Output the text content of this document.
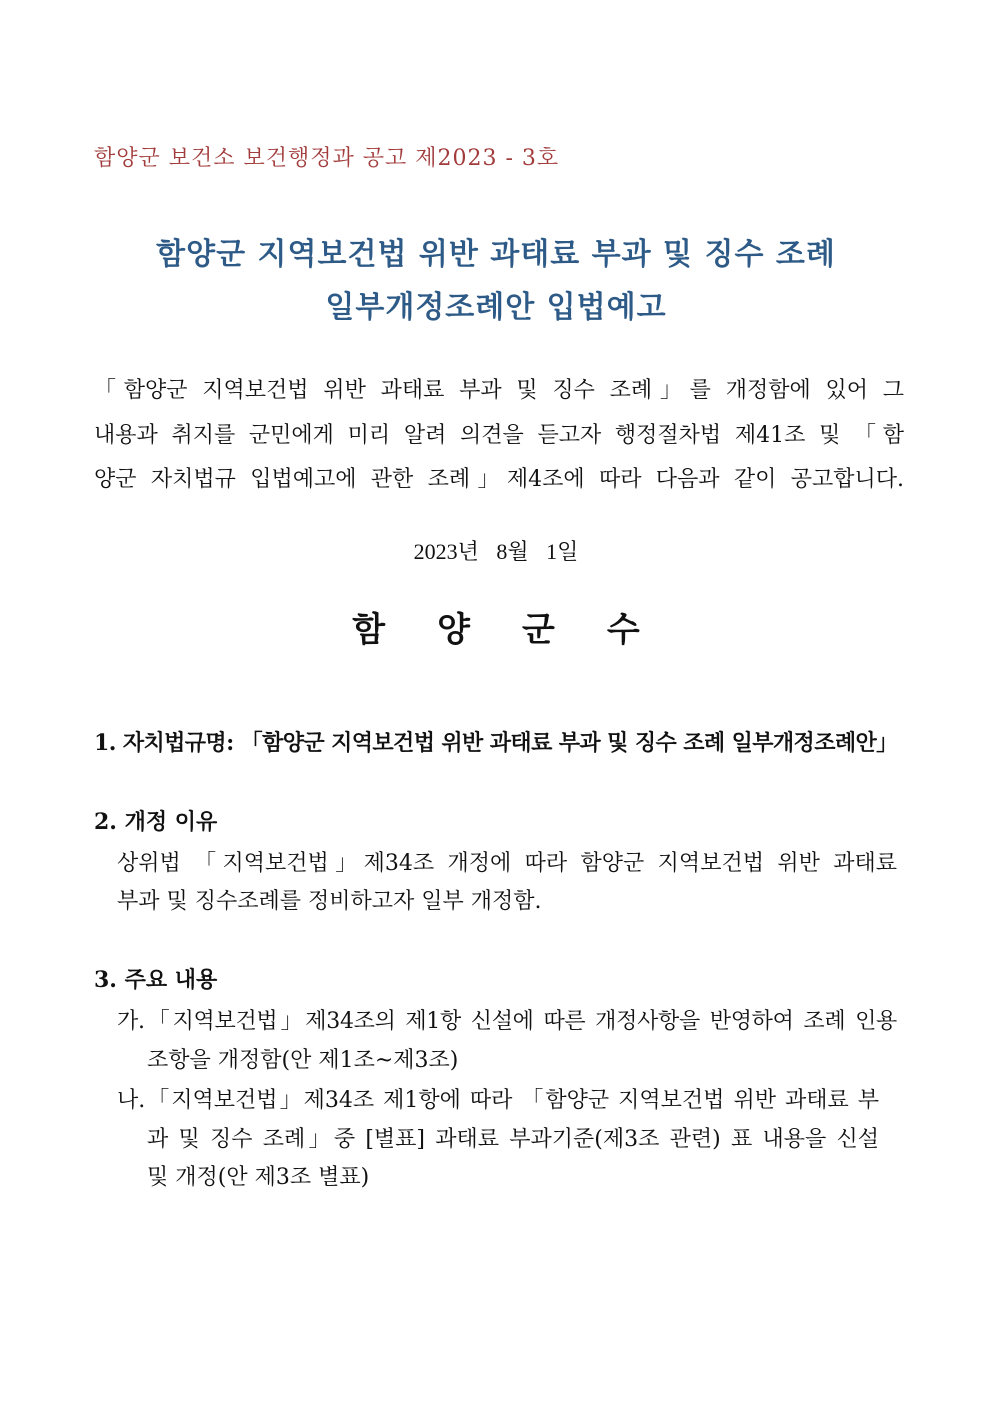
함양군 보건소 보건행정과 공고 제2023 - 3호
함양군 지역보건법 위반 과태료 부과 및 징수 조례
일부개정조례안 입법예고
「함양군 지역보건법 위반 과태료 부과 및 징수 조례」를 개정함에 있어 그
내용과 취지를 군민에게 미리 알려 의견을 듣고자 행정절차법 제41조 및 「함
양군 자치법규 입법예고에 관한 조례」제4조에 따라 다음과 같이 공고합니다.
2023년 8월 1일
함양군수
1. 자치법규명: 「함양군 지역보건법 위반 과태료 부과 및 징수 조례 일부개정조례안」
2. 개정 이유
상위법 「지역보건법」제34조 개정에 따라 함양군 지역보건법 위반 과태료
부과 및 징수조례를 정비하고자 일부 개정함.
3. 주요 내용
가.「지역보건법」제34조의 제1항 신설에 따른 개정사항을 반영하여 조례 인용
조항을 개정함(안 제1조~제3조)
나.「지역보건법」제34조 제1항에 따라 「함양군 지역보건법 위반 과태료 부
과 및 징수 조례」중 [별표] 과태료 부과기준(제3조 관련) 표 내용을 신설
및 개정(안 제3조 별표)
